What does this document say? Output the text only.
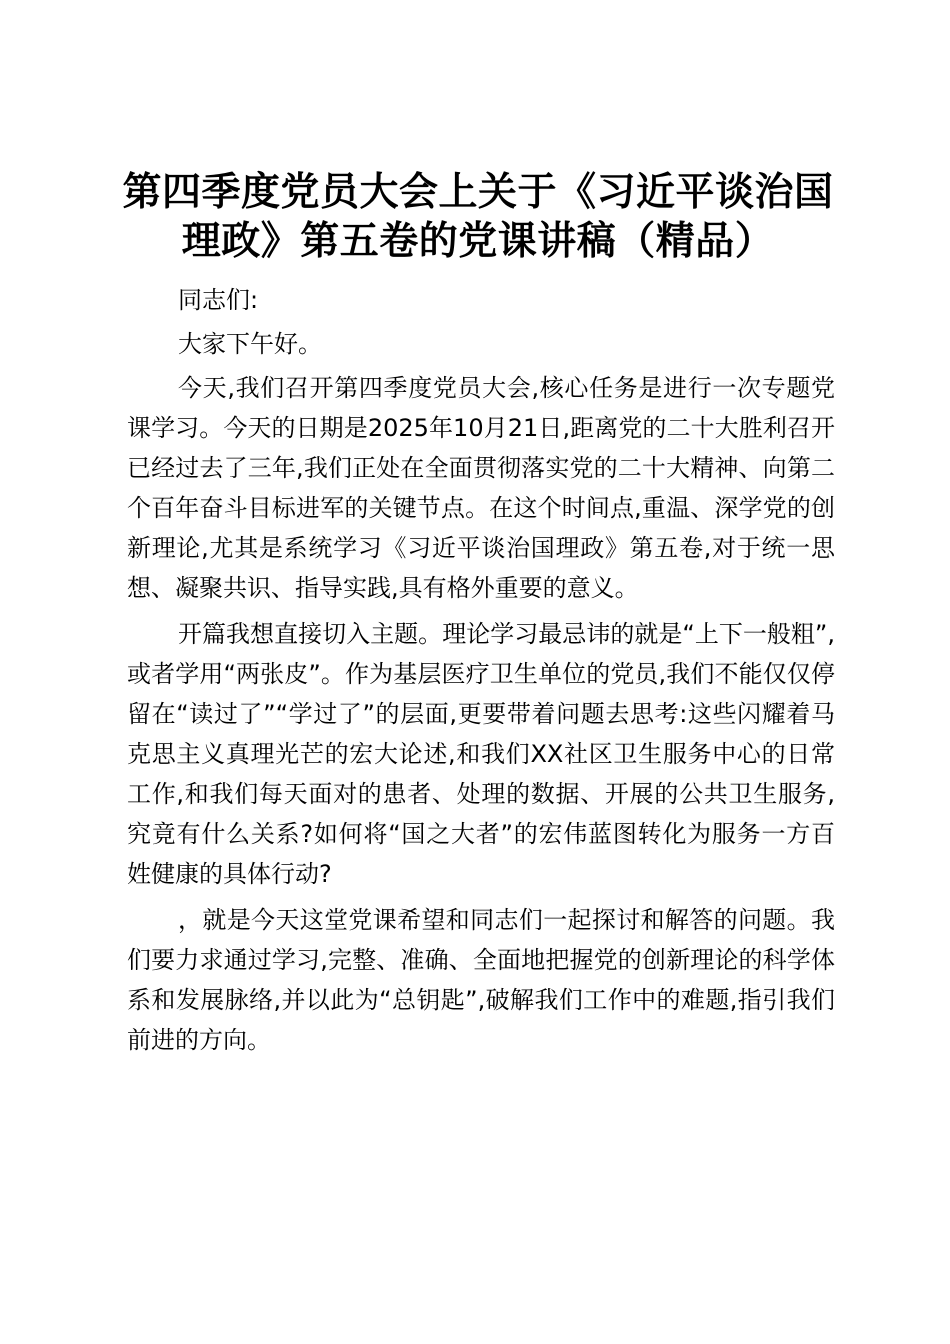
第四季度党员大会上关于《习近平谈治国理政》第五卷的党课讲稿（精品）

同志们:

大家下午好。

今天,我们召开第四季度党员大会,核心任务是进行一次专题党课学习。今天的日期是2025年10月21日,距离党的二十大胜利召开已经过去了三年,我们正处在全面贯彻落实党的二十大精神、向第二个百年奋斗目标进军的关键节点。在这个时间点,重温、深学党的创新理论,尤其是系统学习《习近平谈治国理政》第五卷,对于统一思想、凝聚共识、指导实践,具有格外重要的意义。

开篇我想直接切入主题。理论学习最忌讳的就是“上下一般粗”,或者学用“两张皮”。作为基层医疗卫生单位的党员,我们不能仅仅停留在“读过了”“学过了”的层面,更要带着问题去思考:这些闪耀着马克思主义真理光芒的宏大论述,和我们XX社区卫生服务中心的日常工作,和我们每天面对的患者、处理的数据、开展的公共卫生服务,究竟有什么关系?如何将“国之大者”的宏伟蓝图转化为服务一方百姓健康的具体行动?

，就是今天这堂党课希望和同志们一起探讨和解答的问题。我们要力求通过学习,完整、准确、全面地把握党的创新理论的科学体系和发展脉络,并以此为“总钥匙”,破解我们工作中的难题,指引我们前进的方向。
